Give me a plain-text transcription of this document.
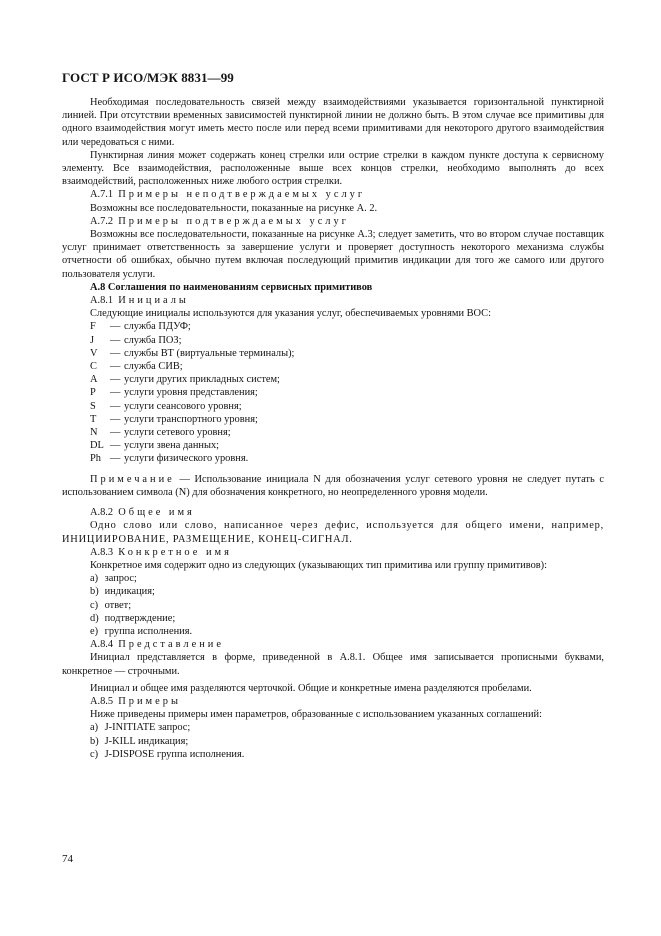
ГОСТ Р ИСО/МЭК 8831—99

Необходимая последовательность связей между взаимодействиями указывается горизонтальной пунктирной линией. При отсутствии временных зависимостей пунктирной линии не должно быть. В этом случае все примитивы для одного взаимодействия могут иметь место после или перед всеми примитивами для некоторого другого взаимодействия или чередоваться с ними.

Пунктирная линия может содержать конец стрелки или острие стрелки в каждом пункте доступа к сервисному элементу. Все взаимодействия, расположенные выше всех концов стрелки, необходимо выполнять до всех взаимодействий, расположенных ниже любого острия стрелки.

А.7.1 Примеры неподтверждаемых услуг

Возможны все последовательности, показанные на рисунке А. 2.

А.7.2 Примеры подтверждаемых услуг

Возможны все последовательности, показанные на рисунке А.3; следует заметить, что во втором случае поставщик услуг принимает ответственность за завершение услуги и проверяет доступность некоторого механизма службы отчетности об ошибках, обычно путем включая последующий примитив индикации для того же самого или другого пользователя услуги.

А.8 Соглашения по наименованиям сервисных примитивов

А.8.1 Инициалы

Следующие инициалы используются для указания услуг, обеспечиваемых уровнями ВОС:

F — служба ПДУФ;
J — служба ПОЗ;
V — службы ВТ (виртуальные терминалы);
C — служба СИВ;
A — услуги других прикладных систем;
P — услуги уровня представления;
S — услуги сеансового уровня;
T — услуги транспортного уровня;
N — услуги сетевого уровня;
DL — услуги звена данных;
Ph — услуги физического уровня.

Примечание — Использование инициала N для обозначения услуг сетевого уровня не следует путать с использованием символа (N) для обозначения конкретного, но неопределенного уровня модели.

А.8.2 Общее имя

Одно слово или слово, написанное через дефис, используется для общего имени, например, ИНИЦИИРОВАНИЕ, РАЗМЕЩЕНИЕ, КОНЕЦ-СИГНАЛ.

А.8.3 Конкретное имя

Конкретное имя содержит одно из следующих (указывающих тип примитива или группу примитивов):

а) запрос;
b) индикация;
с) ответ;
d) подтверждение;
е) группа исполнения.

А.8.4 Представление

Инициал представляется в форме, приведенной в А.8.1. Общее имя записывается прописными буквами, конкретное — строчными.

Инициал и общее имя разделяются черточкой. Общие и конкретные имена разделяются пробелами.

А.8.5 Примеры

Ниже приведены примеры имен параметров, образованные с использованием указанных соглашений:

а) J-INITIATE запрос;
b) J-KILL индикация;
с) J-DISPOSE группа исполнения.
74
